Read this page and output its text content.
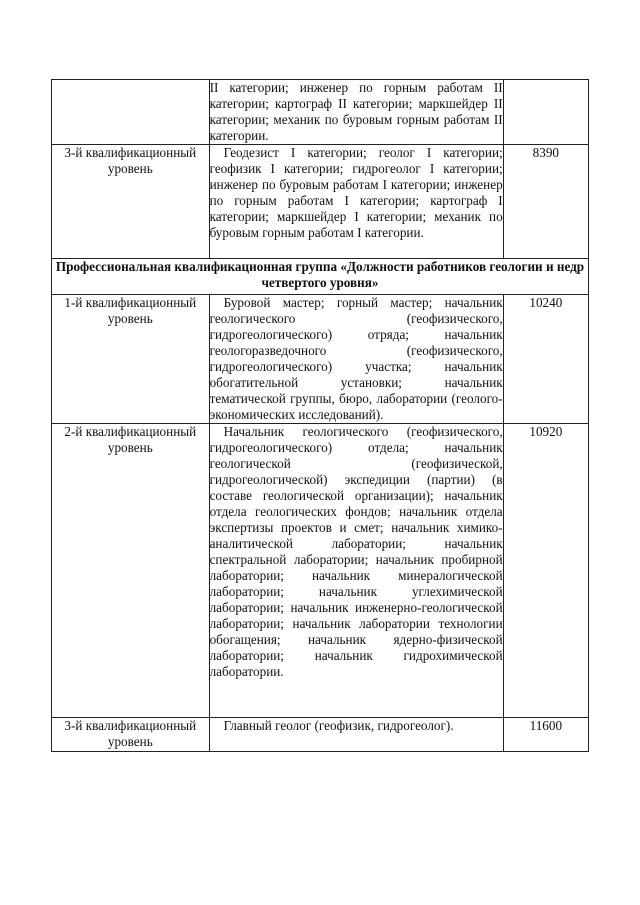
	II категории; инженер по горным работам II категории; картограф II категории; маркшейдер II категории; механик по буровым горным работам II категории.	
3-й квалификационный уровень	Геодезист I категории; геолог I категории; геофизик I категории; гидрогеолог I категории; инженер по буровым работам I категории; инженер по горным работам I категории; картограф I категории; маркшейдер I категории; механик по буровым горным работам I категории.	8390
Профессиональная квалификационная группа «Должности работников геологии и недр четвертого уровня»		
1-й квалификационный уровень	Буровой мастер; горный мастер; начальник геологического (геофизического, гидрогеологического) отряда; начальник геологоразведочного (геофизического, гидрогеологического) участка; начальник обогатительной установки; начальник тематической группы, бюро, лаборатории (геолого-экономических исследований).	10240
2-й квалификационный уровень	Начальник геологического (геофизического, гидрогеологического) отдела; начальник геологической (геофизической, гидрогеологической) экспедиции (партии) (в составе геологической организации); начальник отдела геологических фондов; начальник отдела экспертизы проектов и смет; начальник химико-аналитической лаборатории; начальник спектральной лаборатории; начальник пробирной лаборатории; начальник минералогической лаборатории; начальник углехимической лаборатории; начальник инженерно-геологической лаборатории; начальник лаборатории технологии обогащения; начальник ядерно-физической лаборатории; начальник гидрохимической лаборатории.	10920
3-й квалификационный уровень	Главный геолог (геофизик, гидрогеолог).	11600
